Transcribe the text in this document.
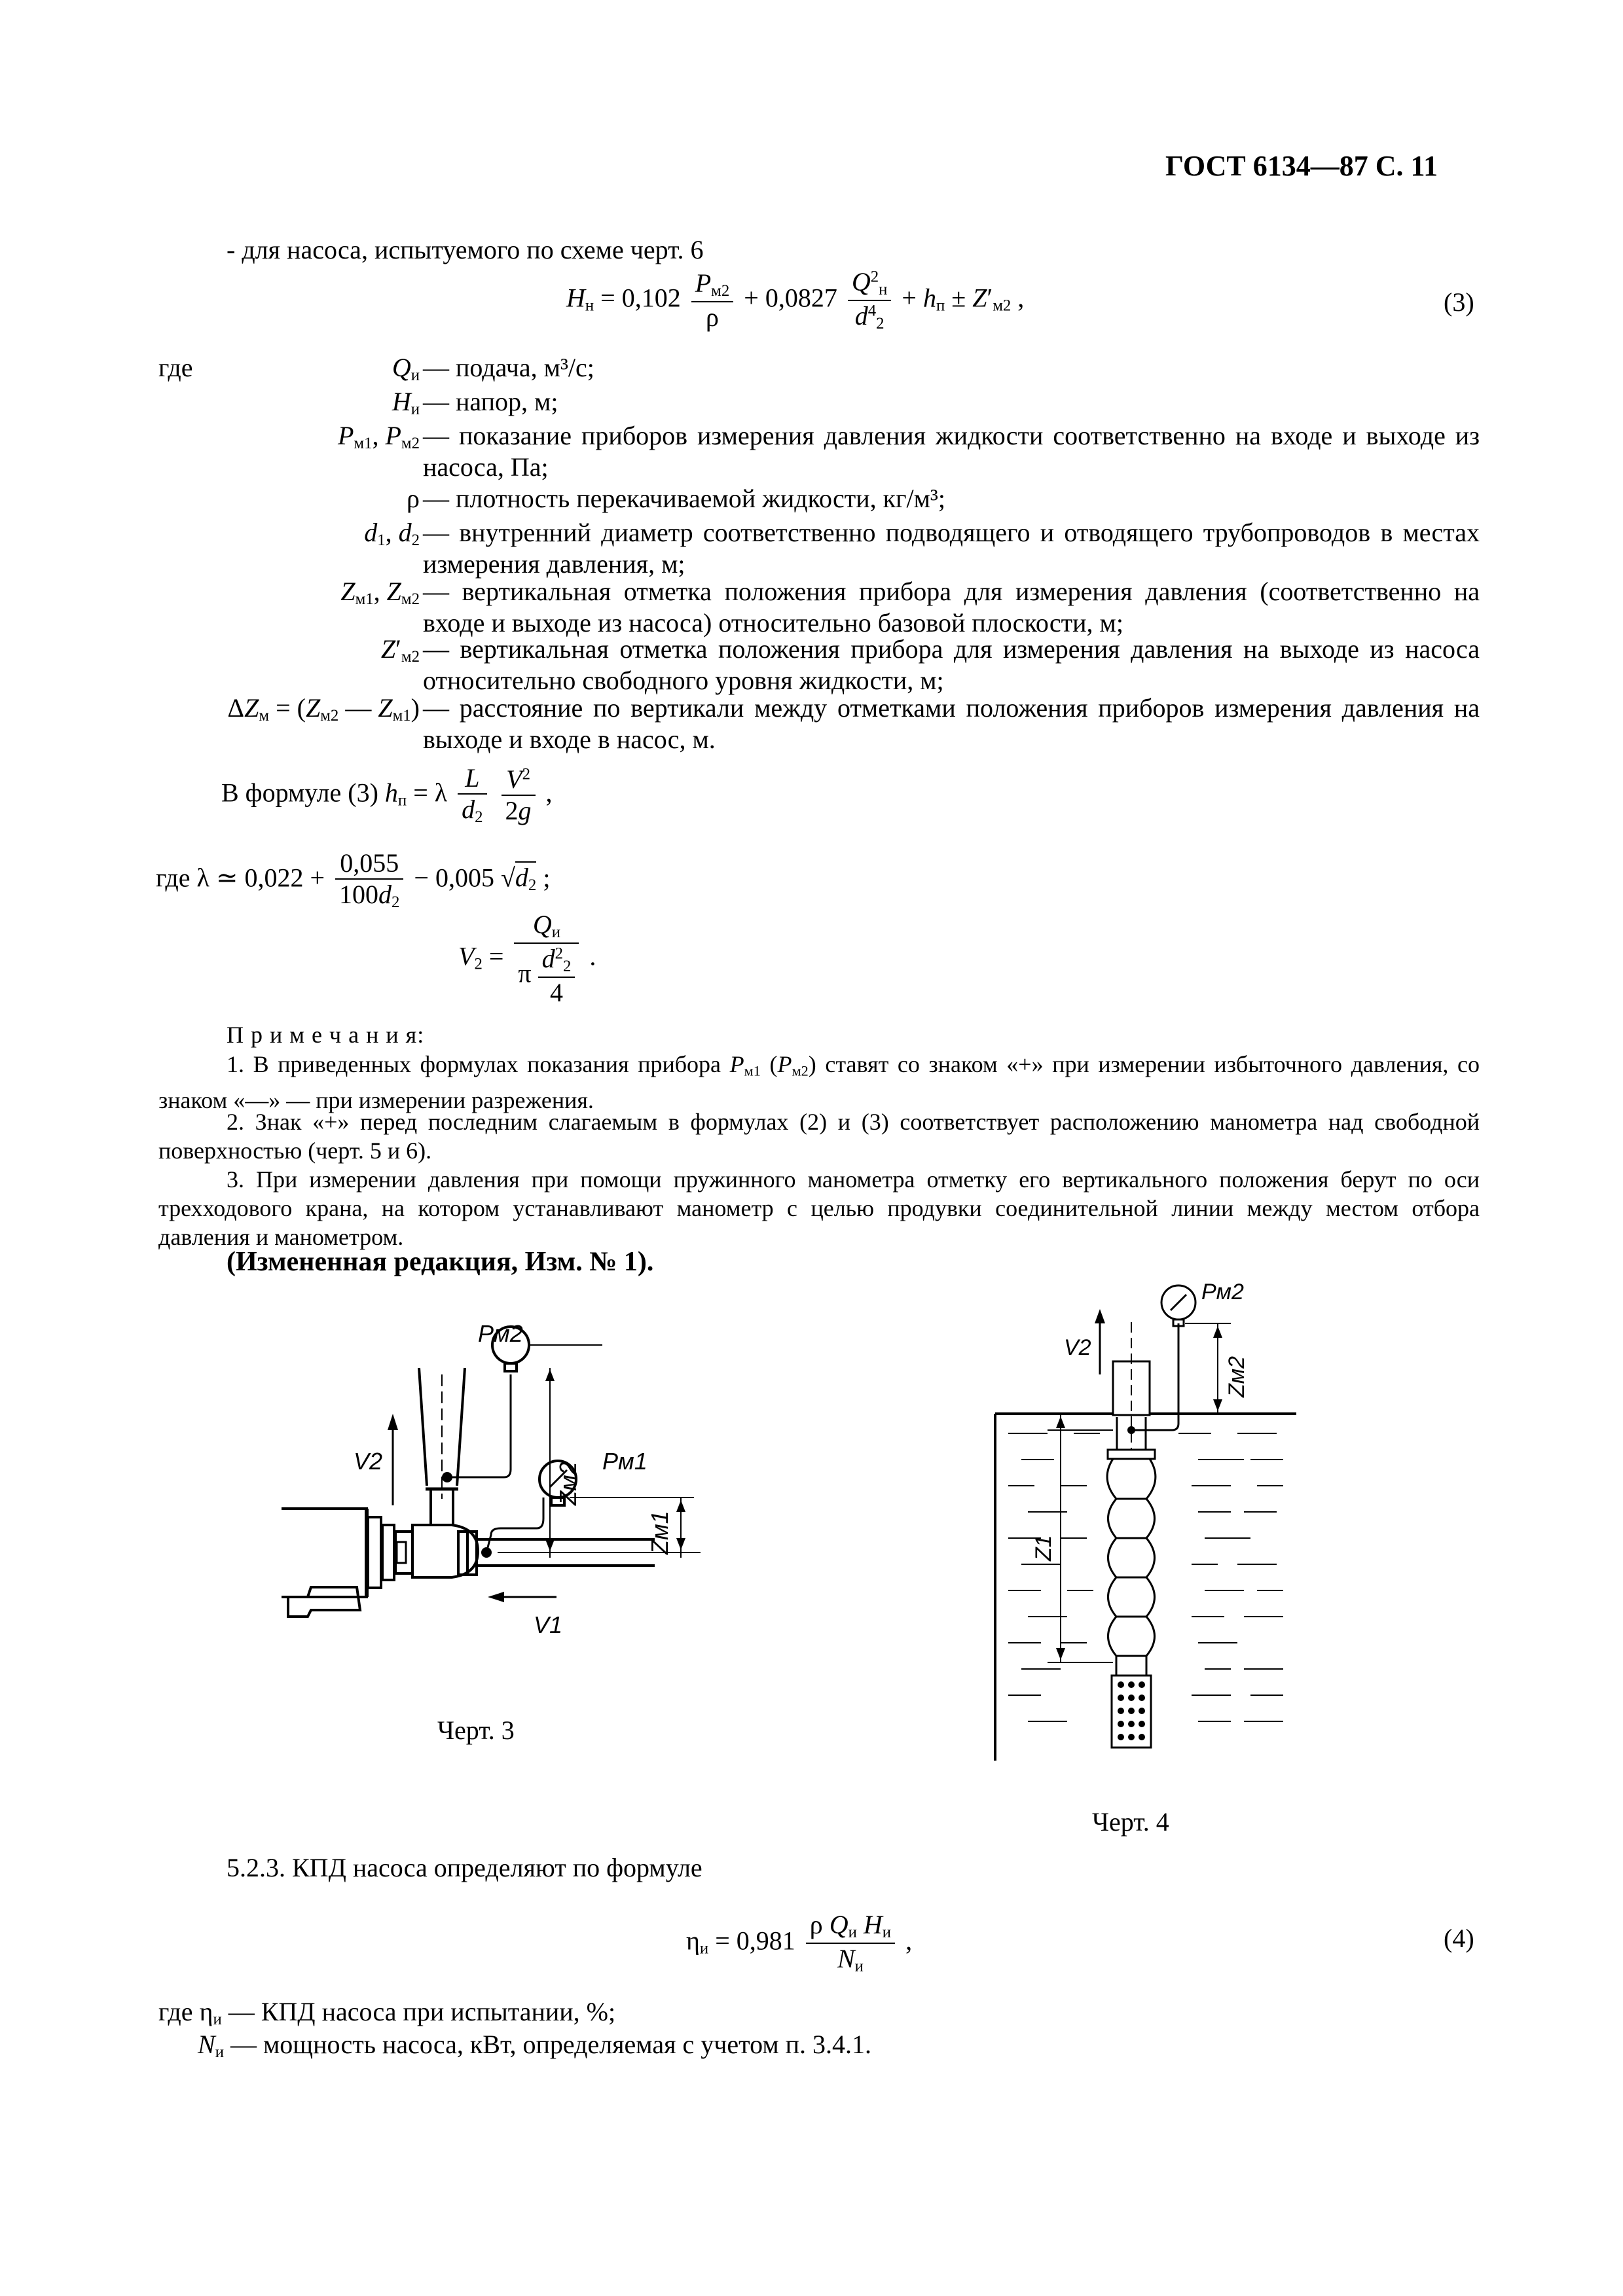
ГОСТ 6134—87 С. 11
- для насоса, испытуемого по схеме черт. 6
$H_н = 0,102 \frac{P_{м2}}{\rho} + 0,0827 \frac{Q^2_н}{d^4_2} + h_п \pm Z'_{м2}$ ,	(3)
где	$Q_и$ — подача, м³/с;
$H_и$ — напор, м;
$P_{м1}$, $P_{м2}$ — показание приборов измерения давления жидкости соответственно на входе и выходе из насоса, Па;
ρ — плотность перекачиваемой жидкости, кг/м³;
$d_1$, $d_2$ — внутренний диаметр соответственно подводящего и отводящего трубопроводов в местах измерения давления, м;
$Z_{м1}$, $Z_{м2}$ — вертикальная отметка положения прибора для измерения давления (соответственно на входе и выходе из насоса) относительно базовой плоскости, м;
$Z'_{м2}$ — вертикальная отметка положения прибора для измерения давления на выходе из насоса относительно свободного уровня жидкости, м;
$\Delta Z_м = (Z_{м2}$ — $Z_{м1}$) — расстояние по вертикали между отметками положения приборов измерения давления на выходе и входе в насос, м.
В формуле (3) $h_п = \lambda \frac{L}{d_2}$
$\frac{V^2}{2g}$ ,
где λ ≃ $0,022 + \frac{0,055}{100d_2} - 0,005$ $√d_2$ ;
$V_2 = \frac{Q_и}{\pi \frac{d^2_2}{4}}$ .
П р и м е ч а н и я:
1. В приведенных формулах показания прибора $P_{м1}$ $(P_{м2})$ ставят со знаком «+» при измерении избыточного давления, со знаком «—» — при измерении разрежения.
2. Знак «+» перед последним слагаемым в формулах (2) и (3) соответствует расположению манометра над свободной поверхностью (черт. 5 и 6).
3. При измерении давления при помощи пружинного манометра отметку его вертикального положения берут по оси трехходового крана, на котором устанавливают манометр с целью продувки соединительной линии между местом отбора давления и манометром.
(Измененная редакция, Изм. № 1).
Pм2
Pм1
V2
V1
Zм2
Zм1
Черт. 3
V2
Pм2
Zм2
Z1
Черт. 4
5.2.3. КПД насоса определяют по формуле
$\eta_и = 0,981 \frac{\rho Q_и H_и}{N_и}$ ,	(4)
где $\eta_и$ — КПД насоса при испытании, %;
$N_и$ — мощность насоса, кВт, определяемая с учетом п. 3.4.1.
